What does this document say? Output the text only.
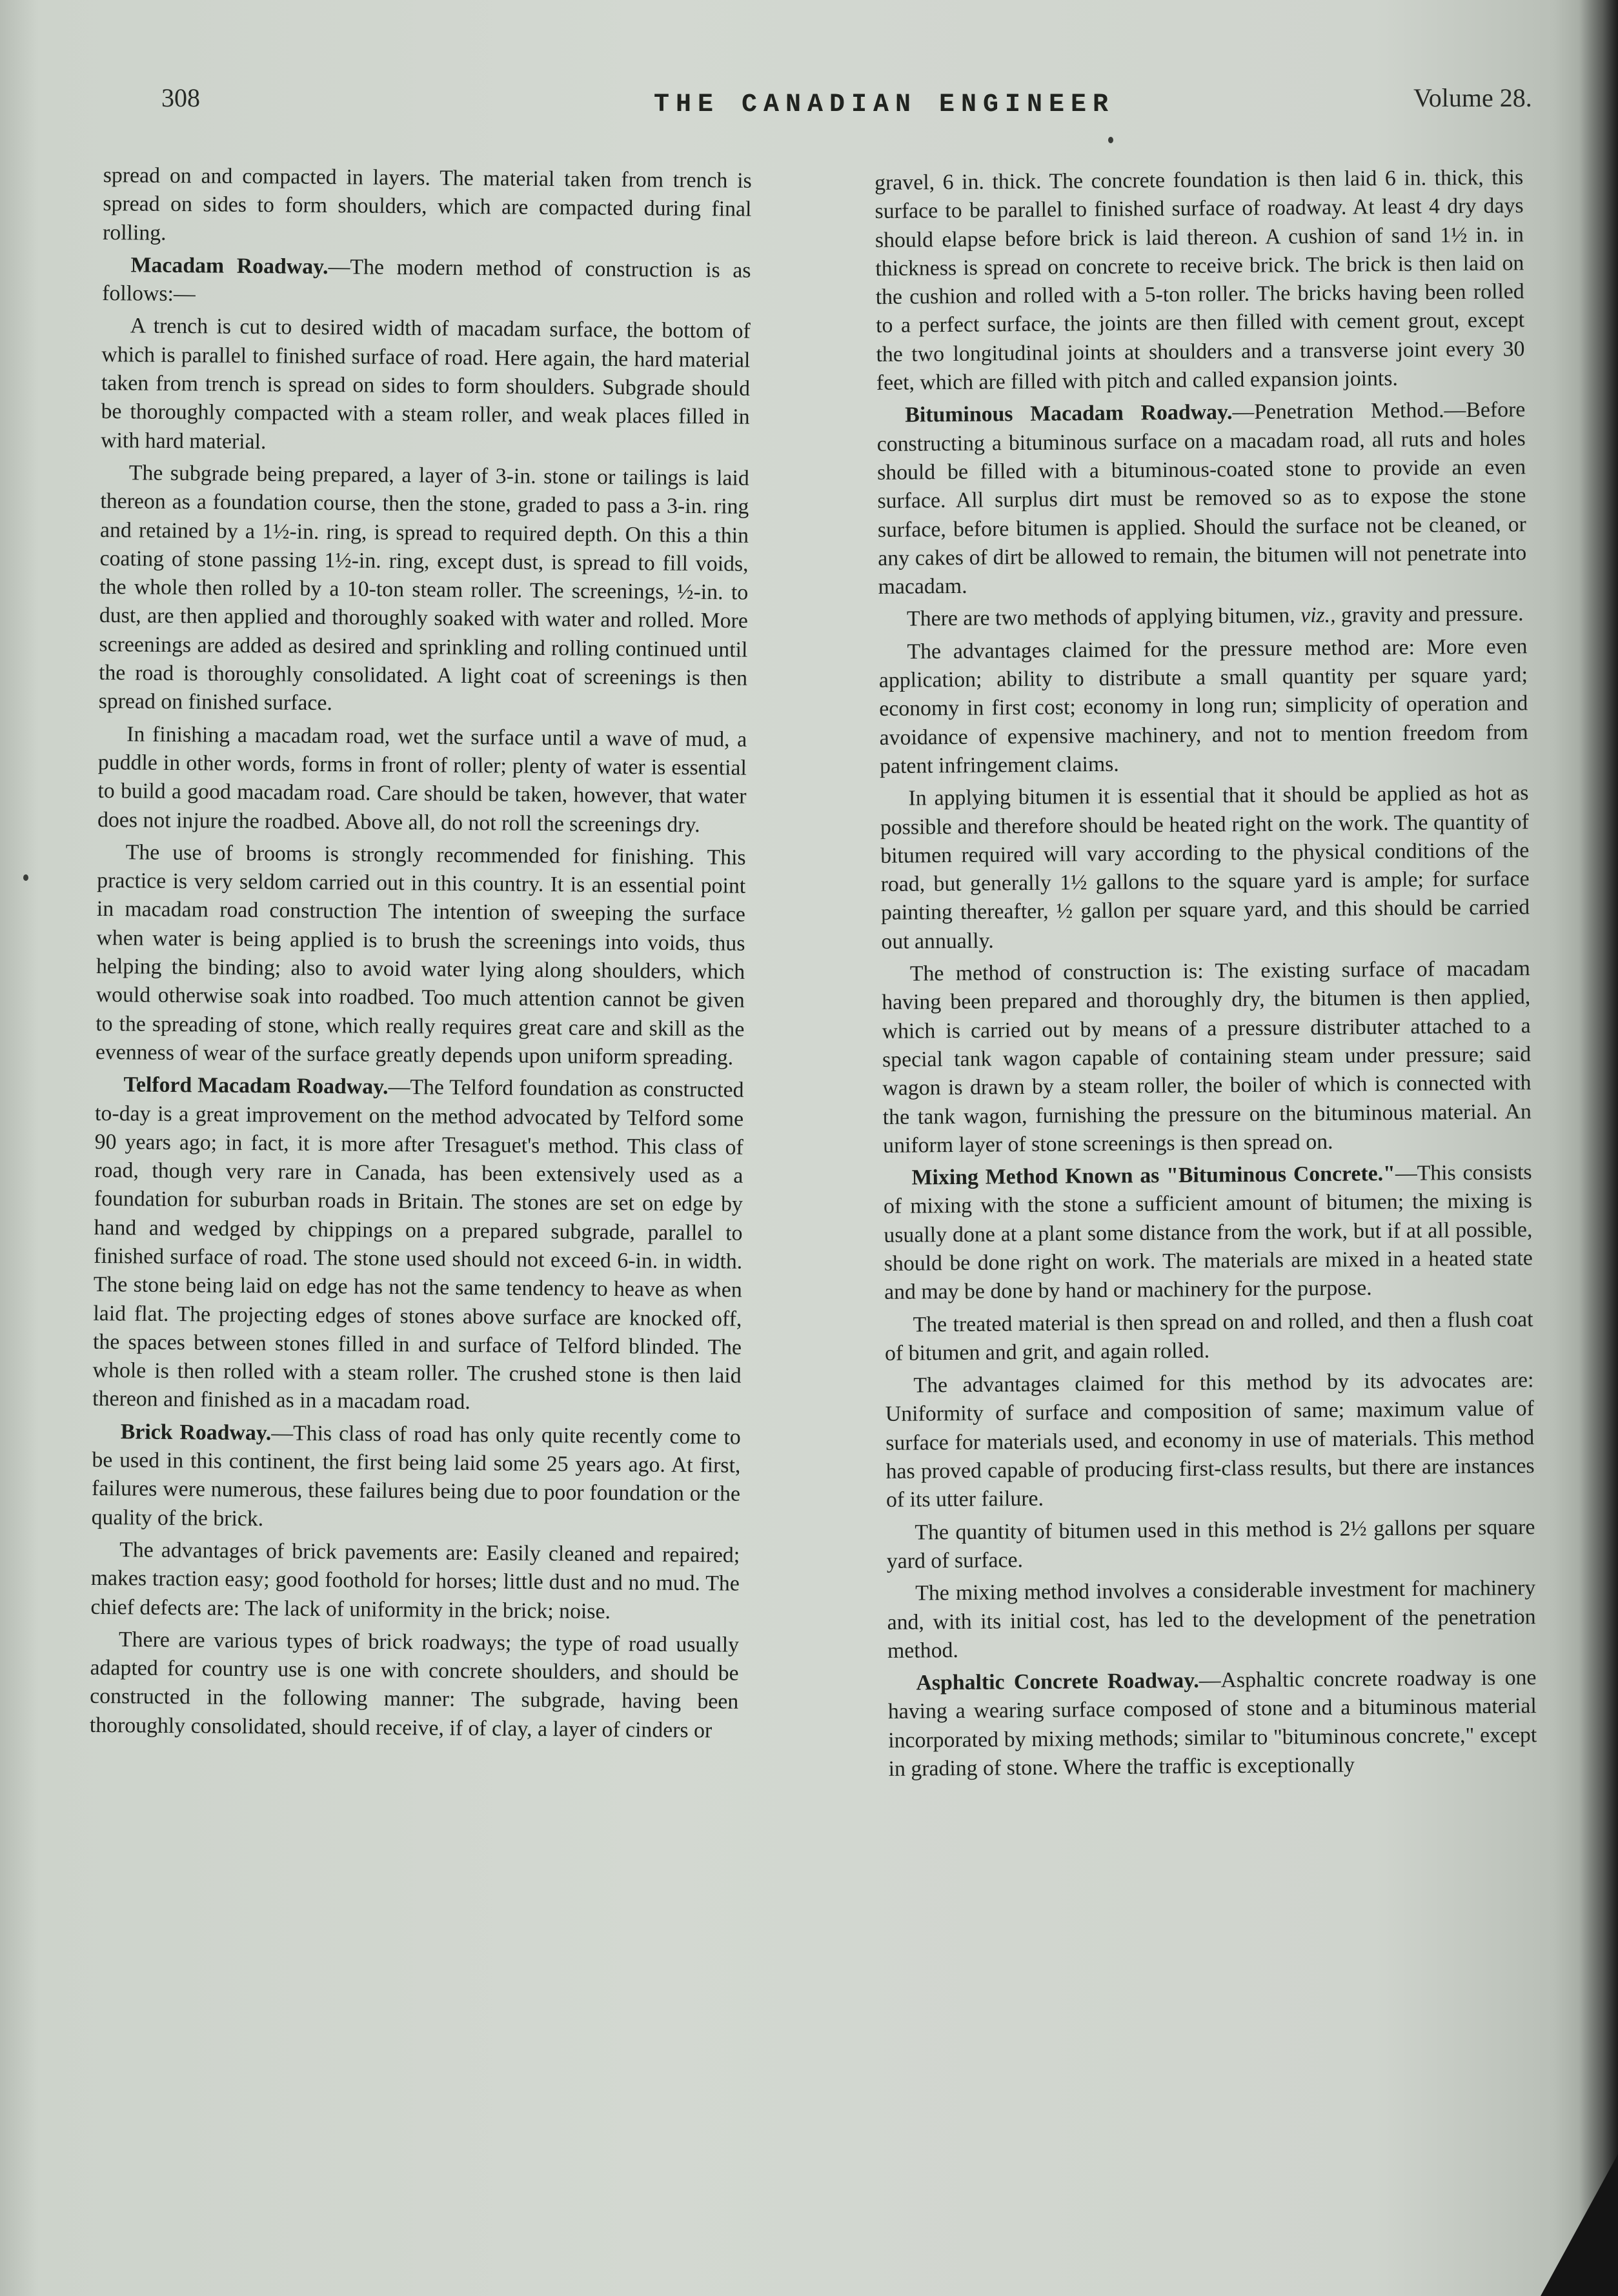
308	THE CANADIAN ENGINEER	Volume 28.

spread on and compacted in layers. The material taken from trench is spread on sides to form shoulders, which are compacted during final rolling.

Macadam Roadway.—The modern method of construction is as follows:—

A trench is cut to desired width of macadam surface, the bottom of which is parallel to finished surface of road. Here again, the hard material taken from trench is spread on sides to form shoulders. Subgrade should be thoroughly compacted with a steam roller, and weak places filled in with hard material.

The subgrade being prepared, a layer of 3-in. stone or tailings is laid thereon as a foundation course, then the stone, graded to pass a 3-in. ring and retained by a 1½-in. ring, is spread to required depth. On this a thin coating of stone passing 1½-in. ring, except dust, is spread to fill voids, the whole then rolled by a 10-ton steam roller. The screenings, ½-in. to dust, are then applied and thoroughly soaked with water and rolled. More screenings are added as desired and sprinkling and rolling continued until the road is thoroughly consolidated. A light coat of screenings is then spread on finished surface.

In finishing a macadam road, wet the surface until a wave of mud, a puddle in other words, forms in front of roller; plenty of water is essential to build a good macadam road. Care should be taken, however, that water does not injure the roadbed. Above all, do not roll the screenings dry.

The use of brooms is strongly recommended for finishing. This practice is very seldom carried out in this country. It is an essential point in macadam road construction The intention of sweeping the surface when water is being applied is to brush the screenings into voids, thus helping the binding; also to avoid water lying along shoulders, which would otherwise soak into roadbed. Too much attention cannot be given to the spreading of stone, which really requires great care and skill as the evenness of wear of the surface greatly depends upon uniform spreading.

Telford Macadam Roadway.—The Telford foundation as constructed to-day is a great improvement on the method advocated by Telford some 90 years ago; in fact, it is more after Tresaguet's method. This class of road, though very rare in Canada, has been extensively used as a foundation for suburban roads in Britain. The stones are set on edge by hand and wedged by chippings on a prepared subgrade, parallel to finished surface of road. The stone used should not exceed 6-in. in width. The stone being laid on edge has not the same tendency to heave as when laid flat. The projecting edges of stones above surface are knocked off, the spaces between stones filled in and surface of Telford blinded. The whole is then rolled with a steam roller. The crushed stone is then laid thereon and finished as in a macadam road.

Brick Roadway.—This class of road has only quite recently come to be used in this continent, the first being laid some 25 years ago. At first, failures were numerous, these failures being due to poor foundation or the quality of the brick.

The advantages of brick pavements are: Easily cleaned and repaired; makes traction easy; good foothold for horses; little dust and no mud. The chief defects are: The lack of uniformity in the brick; noise.

There are various types of brick roadways; the type of road usually adapted for country use is one with concrete shoulders, and should be constructed in the following manner: The subgrade, having been thoroughly consolidated, should receive, if of clay, a layer of cinders or

gravel, 6 in. thick. The concrete foundation is then laid 6 in. thick, this surface to be parallel to finished surface of roadway. At least 4 dry days should elapse before brick is laid thereon. A cushion of sand 1½ in. in thickness is spread on concrete to receive brick. The brick is then laid on the cushion and rolled with a 5-ton roller. The bricks having been rolled to a perfect surface, the joints are then filled with cement grout, except the two longitudinal joints at shoulders and a transverse joint every 30 feet, which are filled with pitch and called expansion joints.

Bituminous Macadam Roadway.—Penetration Method.—Before constructing a bituminous surface on a macadam road, all ruts and holes should be filled with a bituminous-coated stone to provide an even surface. All surplus dirt must be removed so as to expose the stone surface, before bitumen is applied. Should the surface not be cleaned, or any cakes of dirt be allowed to remain, the bitumen will not penetrate into macadam.

There are two methods of applying bitumen, viz., gravity and pressure.

The advantages claimed for the pressure method are: More even application; ability to distribute a small quantity per square yard; economy in first cost; economy in long run; simplicity of operation and avoidance of expensive machinery, and not to mention freedom from patent infringement claims.

In applying bitumen it is essential that it should be applied as hot as possible and therefore should be heated right on the work. The quantity of bitumen required will vary according to the physical conditions of the road, but generally 1½ gallons to the square yard is ample; for surface painting thereafter, ½ gallon per square yard, and this should be carried out annually.

The method of construction is: The existing surface of macadam having been prepared and thoroughly dry, the bitumen is then applied, which is carried out by means of a pressure distributer attached to a special tank wagon capable of containing steam under pressure; said wagon is drawn by a steam roller, the boiler of which is connected with the tank wagon, furnishing the pressure on the bituminous material. An uniform layer of stone screenings is then spread on.

Mixing Method Known as "Bituminous Concrete."—This consists of mixing with the stone a sufficient amount of bitumen; the mixing is usually done at a plant some distance from the work, but if at all possible, should be done right on work. The materials are mixed in a heated state and may be done by hand or machinery for the purpose.

The treated material is then spread on and rolled, and then a flush coat of bitumen and grit, and again rolled.

The advantages claimed for this method by its advocates are: Uniformity of surface and composition of same; maximum value of surface for materials used, and economy in use of materials. This method has proved capable of producing first-class results, but there are instances of its utter failure.

The quantity of bitumen used in this method is 2½ gallons per square yard of surface.

The mixing method involves a considerable investment for machinery and, with its initial cost, has led to the development of the penetration method.

Asphaltic Concrete Roadway.—Asphaltic concrete roadway is one having a wearing surface composed of stone and a bituminous material incorporated by mixing methods; similar to "bituminous concrete," except in grading of stone. Where the traffic is exceptionally
